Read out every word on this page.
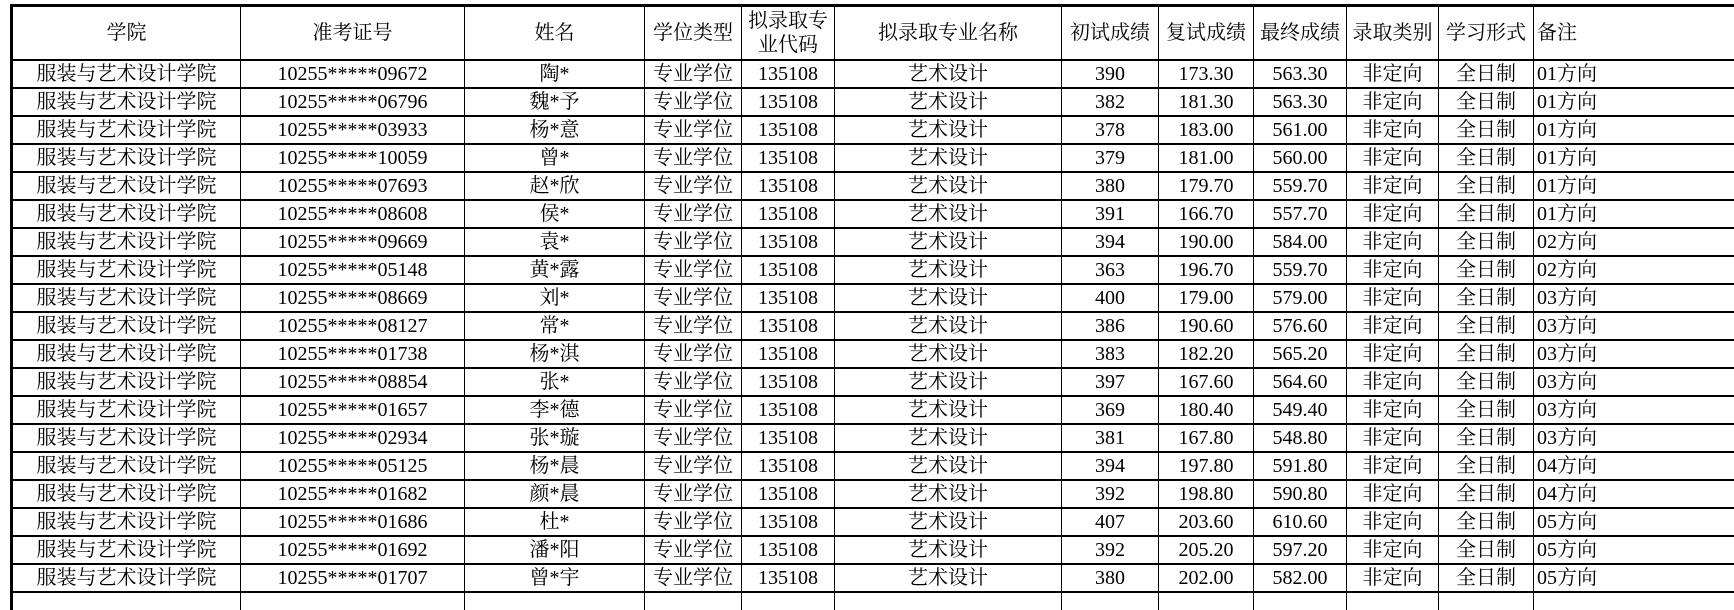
学院	准考证号	姓名	学位类型	拟录取专业代码	拟录取专业名称	初试成绩	复试成绩	最终成绩	录取类别	学习形式	备注
服装与艺术设计学院	10255*****09672	陶*	专业学位	135108	艺术设计	390	173.30	563.30	非定向	全日制	01方向
服装与艺术设计学院	10255*****06796	魏*予	专业学位	135108	艺术设计	382	181.30	563.30	非定向	全日制	01方向
服装与艺术设计学院	10255*****03933	杨*意	专业学位	135108	艺术设计	378	183.00	561.00	非定向	全日制	01方向
服装与艺术设计学院	10255*****10059	曾*	专业学位	135108	艺术设计	379	181.00	560.00	非定向	全日制	01方向
服装与艺术设计学院	10255*****07693	赵*欣	专业学位	135108	艺术设计	380	179.70	559.70	非定向	全日制	01方向
服装与艺术设计学院	10255*****08608	侯*	专业学位	135108	艺术设计	391	166.70	557.70	非定向	全日制	01方向
服装与艺术设计学院	10255*****09669	袁*	专业学位	135108	艺术设计	394	190.00	584.00	非定向	全日制	02方向
服装与艺术设计学院	10255*****05148	黄*露	专业学位	135108	艺术设计	363	196.70	559.70	非定向	全日制	02方向
服装与艺术设计学院	10255*****08669	刘*	专业学位	135108	艺术设计	400	179.00	579.00	非定向	全日制	03方向
服装与艺术设计学院	10255*****08127	常*	专业学位	135108	艺术设计	386	190.60	576.60	非定向	全日制	03方向
服装与艺术设计学院	10255*****01738	杨*淇	专业学位	135108	艺术设计	383	182.20	565.20	非定向	全日制	03方向
服装与艺术设计学院	10255*****08854	张*	专业学位	135108	艺术设计	397	167.60	564.60	非定向	全日制	03方向
服装与艺术设计学院	10255*****01657	李*德	专业学位	135108	艺术设计	369	180.40	549.40	非定向	全日制	03方向
服装与艺术设计学院	10255*****02934	张*璇	专业学位	135108	艺术设计	381	167.80	548.80	非定向	全日制	03方向
服装与艺术设计学院	10255*****05125	杨*晨	专业学位	135108	艺术设计	394	197.80	591.80	非定向	全日制	04方向
服装与艺术设计学院	10255*****01682	颜*晨	专业学位	135108	艺术设计	392	198.80	590.80	非定向	全日制	04方向
服装与艺术设计学院	10255*****01686	杜*	专业学位	135108	艺术设计	407	203.60	610.60	非定向	全日制	05方向
服装与艺术设计学院	10255*****01692	潘*阳	专业学位	135108	艺术设计	392	205.20	597.20	非定向	全日制	05方向
服装与艺术设计学院	10255*****01707	曾*宇	专业学位	135108	艺术设计	380	202.00	582.00	非定向	全日制	05方向
